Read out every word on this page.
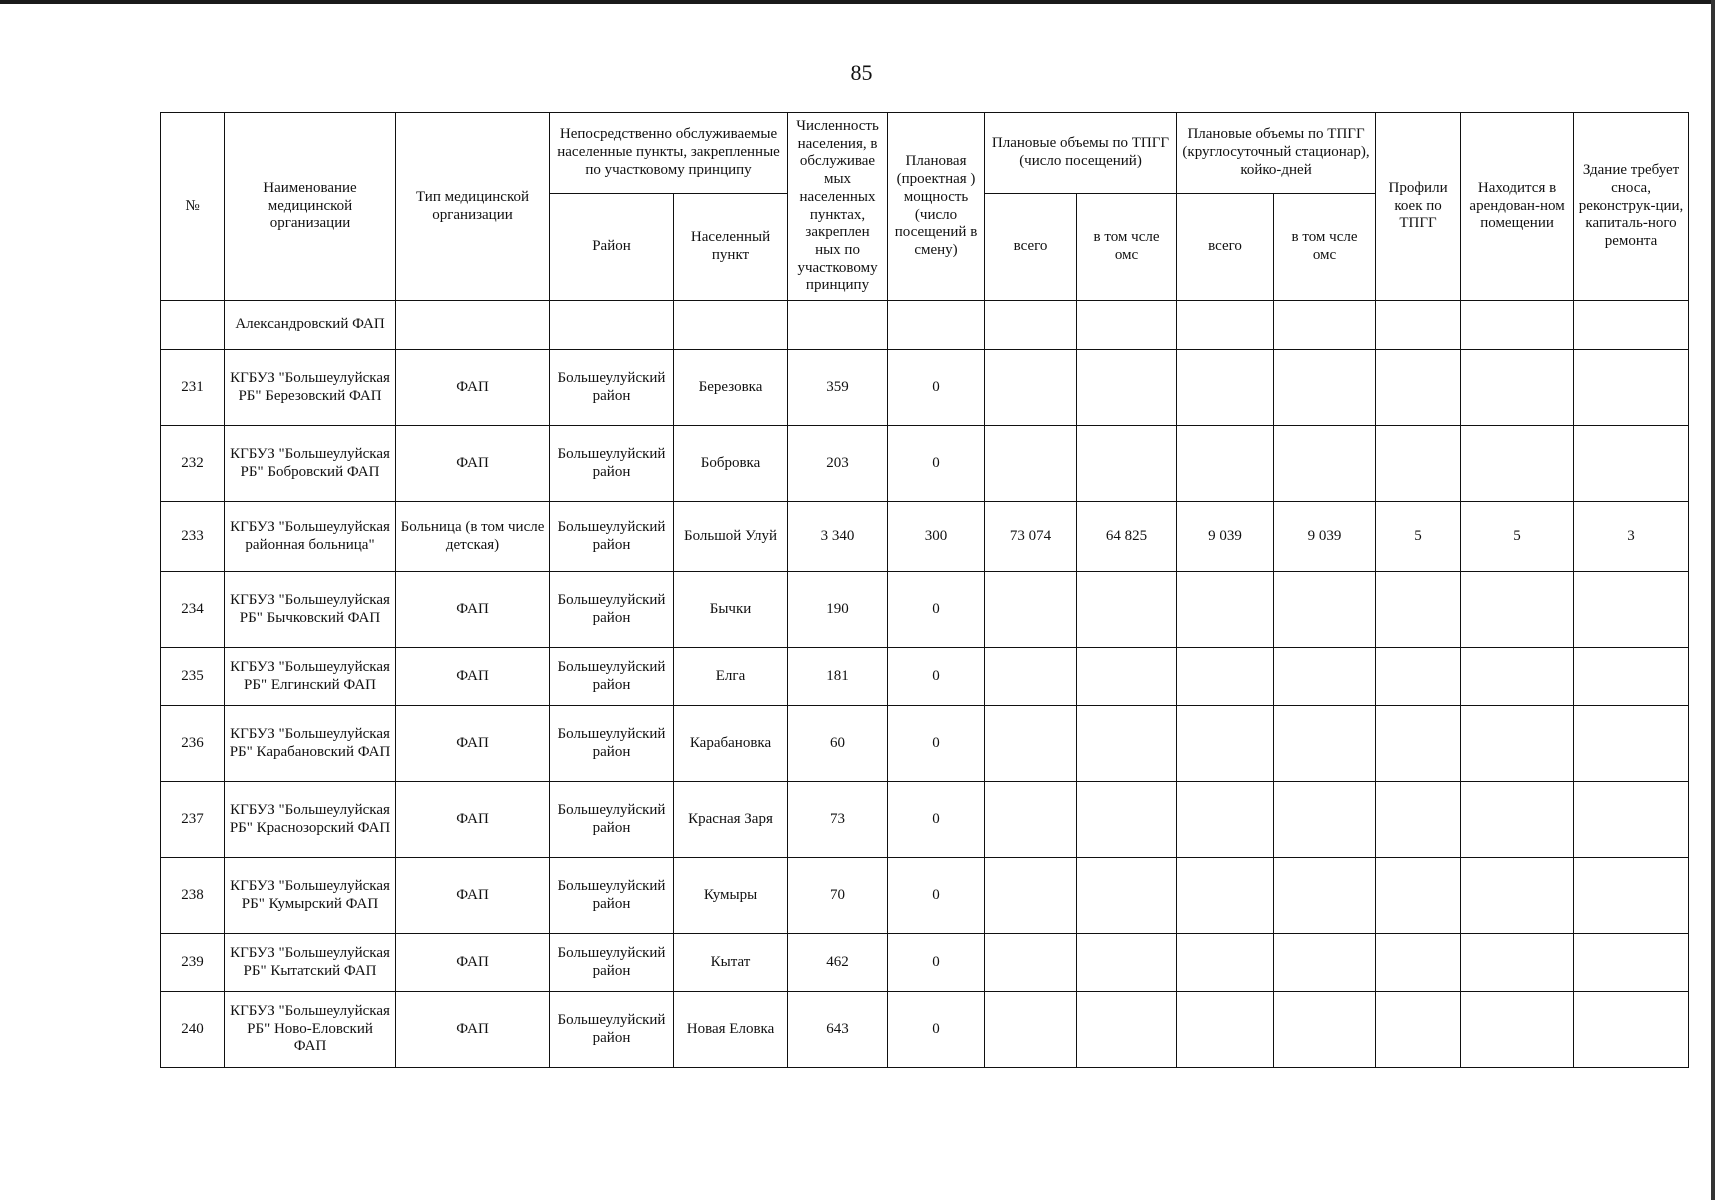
85
№	Наименование медицинской организации	Тип медицинской организации	Непосредственно обслуживаемые населенные пункты, закрепленные по участковому принципу		Численность населения, в обслуживае мых населенных пунктах, закреплен ных по участковому принципу	Плановая (проектная ) мощность (число посещений в смену)	Плановые объемы по ТПГГ (число посещений)		Плановые объемы по ТПГГ (круглосуточный стационар), койко-дней		Профили коек по ТПГГ	Находится в арендован-ном помещении	Здание требует сноса, реконструк-ции, капиталь-ного ремонта
			Район	Населенный пункт			всего	в том чсле омс	всего	в том чсле омс			
	Александровский ФАП												
231	КГБУЗ "Большеулуйская РБ" Березовский ФАП	ФАП	Большеулуйский район	Березовка	359	0							
232	КГБУЗ "Большеулуйская РБ" Бобровский ФАП	ФАП	Большеулуйский район	Бобровка	203	0							
233	КГБУЗ "Большеулуйская районная больница"	Больница (в том числе детская)	Большеулуйский район	Большой Улуй	3 340	300	73 074	64 825	9 039	9 039	5	5	3
234	КГБУЗ "Большеулуйская РБ" Бычковский ФАП	ФАП	Большеулуйский район	Бычки	190	0							
235	КГБУЗ "Большеулуйская РБ" Елгинский ФАП	ФАП	Большеулуйский район	Елга	181	0							
236	КГБУЗ "Большеулуйская РБ" Карабановский ФАП	ФАП	Большеулуйский район	Карабановка	60	0							
237	КГБУЗ "Большеулуйская РБ" Краснозорский ФАП	ФАП	Большеулуйский район	Красная Заря	73	0							
238	КГБУЗ "Большеулуйская РБ" Кумырский ФАП	ФАП	Большеулуйский район	Кумыры	70	0							
239	КГБУЗ "Большеулуйская РБ" Кытатский ФАП	ФАП	Большеулуйский район	Кытат	462	0							
240	КГБУЗ "Большеулуйская РБ" Ново-Еловский ФАП	ФАП	Большеулуйский район	Новая Еловка	643	0							
